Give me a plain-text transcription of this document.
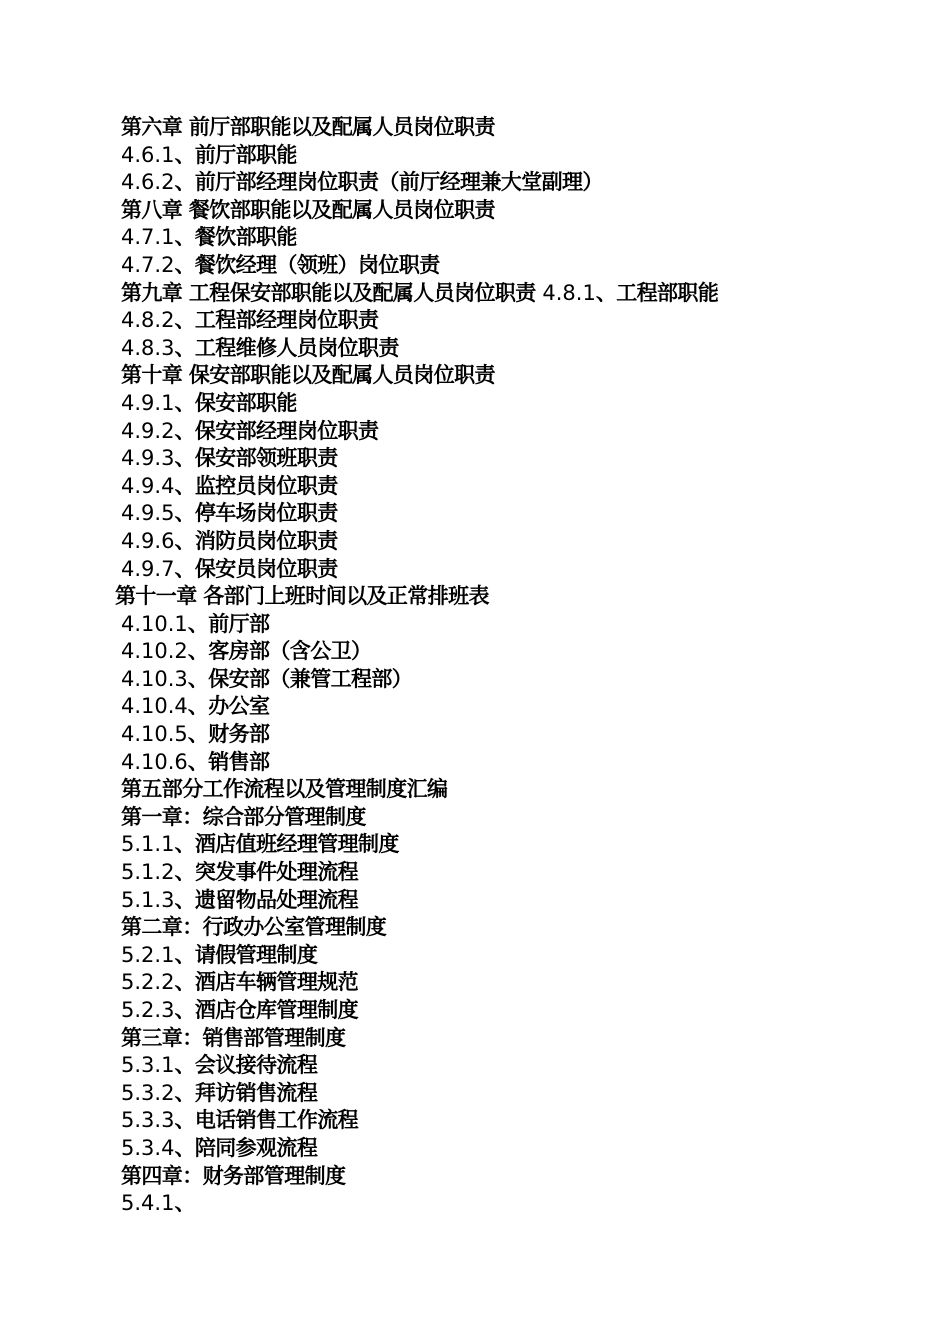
第六章 前厅部职能以及配属人员岗位职责
4.6.1、前厅部职能
4.6.2、前厅部经理岗位职责（前厅经理兼大堂副理）
第八章 餐饮部职能以及配属人员岗位职责
4.7.1、餐饮部职能
4.7.2、餐饮经理（领班）岗位职责
第九章 工程保安部职能以及配属人员岗位职责 4.8.1、工程部职能
4.8.2、工程部经理岗位职责
4.8.3、工程维修人员岗位职责
第十章 保安部职能以及配属人员岗位职责
4.9.1、保安部职能
4.9.2、保安部经理岗位职责
4.9.3、保安部领班职责
4.9.4、监控员岗位职责
4.9.5、停车场岗位职责
4.9.6、消防员岗位职责
4.9.7、保安员岗位职责
第十一章 各部门上班时间以及正常排班表
4.10.1、前厅部
4.10.2、客房部（含公卫）
4.10.3、保安部（兼管工程部）
4.10.4、办公室
4.10.5、财务部
4.10.6、销售部
第五部分工作流程以及管理制度汇编
第一章：综合部分管理制度
5.1.1、酒店值班经理管理制度
5.1.2、突发事件处理流程
5.1.3、遗留物品处理流程
第二章：行政办公室管理制度
5.2.1、请假管理制度
5.2.2、酒店车辆管理规范
5.2.3、酒店仓库管理制度
第三章：销售部管理制度
5.3.1、会议接待流程
5.3.2、拜访销售流程
5.3.3、电话销售工作流程
5.3.4、陪同参观流程
第四章：财务部管理制度
5.4.1、
